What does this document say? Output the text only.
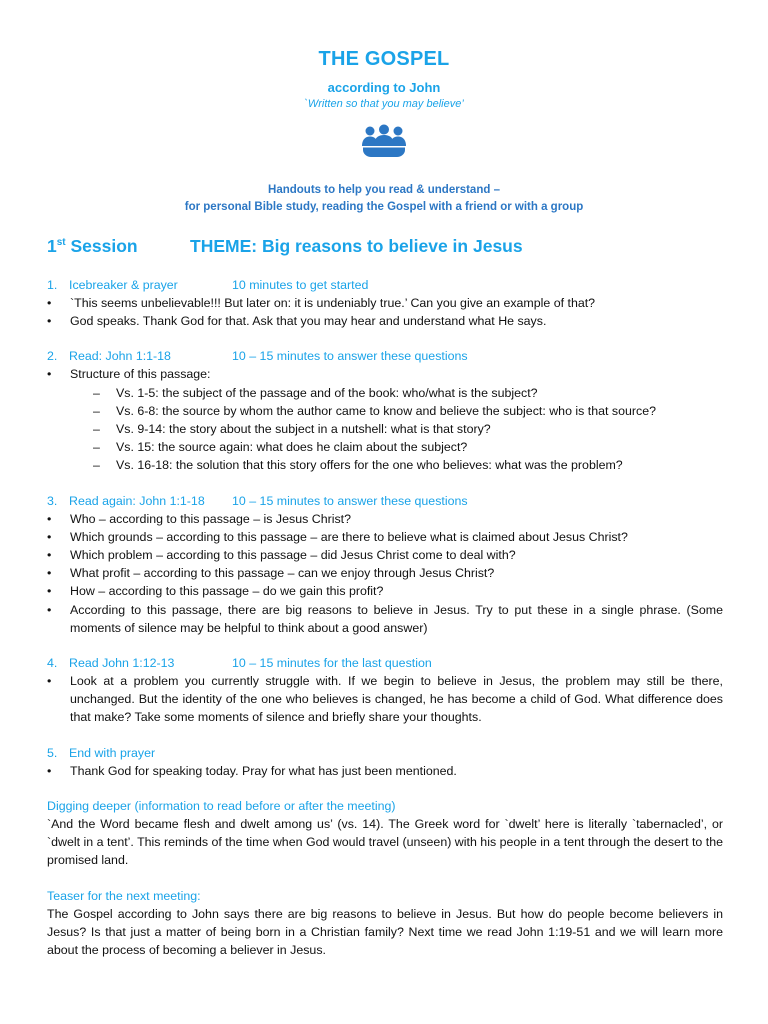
THE GOSPEL
according to John
`Written so that you may believe’
Handouts to help you read & understand –
for personal Bible study, reading the Gospel with a friend or with a group
1st Session	THEME: Big reasons to believe in Jesus
1. Icebreaker & prayer	10 minutes to get started
• `This seems unbelievable!!! But later on: it is undeniably true.’ Can you give an example of that?
• God speaks. Thank God for that. Ask that you may hear and understand what He says.
2. Read: John 1:1-18	10 – 15 minutes to answer these questions
• Structure of this passage:
– Vs. 1-5: the subject of the passage and of the book: who/what is the subject?
– Vs. 6-8: the source by whom the author came to know and believe the subject: who is that source?
– Vs. 9-14: the story about the subject in a nutshell: what is that story?
– Vs. 15: the source again: what does he claim about the subject?
– Vs. 16-18: the solution that this story offers for the one who believes: what was the problem?
3. Read again: John 1:1-18 10 – 15 minutes to answer these questions
• Who – according to this passage – is Jesus Christ?
• Which grounds – according to this passage – are there to believe what is claimed about Jesus Christ?
• Which problem – according to this passage – did Jesus Christ come to deal with?
• What profit – according to this passage – can we enjoy through Jesus Christ?
• How – according to this passage – do we gain this profit?
• According to this passage, there are big reasons to believe in Jesus. Try to put these in a single phrase. (Some moments of silence may be helpful to think about a good answer)
4. Read John 1:12-13	10 – 15 minutes for the last question
• Look at a problem you currently struggle with. If we begin to believe in Jesus, the problem may still be there, unchanged. But the identity of the one who believes is changed, he has become a child of God. What difference does that make? Take some moments of silence and briefly share your thoughts.
5. End with prayer
• Thank God for speaking today. Pray for what has just been mentioned.
Digging deeper (information to read before or after the meeting)
`And the Word became flesh and dwelt among us’ (vs. 14). The Greek word for `dwelt’ here is literally `tabernacled’, or `dwelt in a tent’. This reminds of the time when God would travel (unseen) with his people in a tent through the desert to the promised land.
Teaser for the next meeting:
The Gospel according to John says there are big reasons to believe in Jesus. But how do people become believers in Jesus? Is that just a matter of being born in a Christian family? Next time we read John 1:19-51 and we will learn more about the process of becoming a believer in Jesus.
